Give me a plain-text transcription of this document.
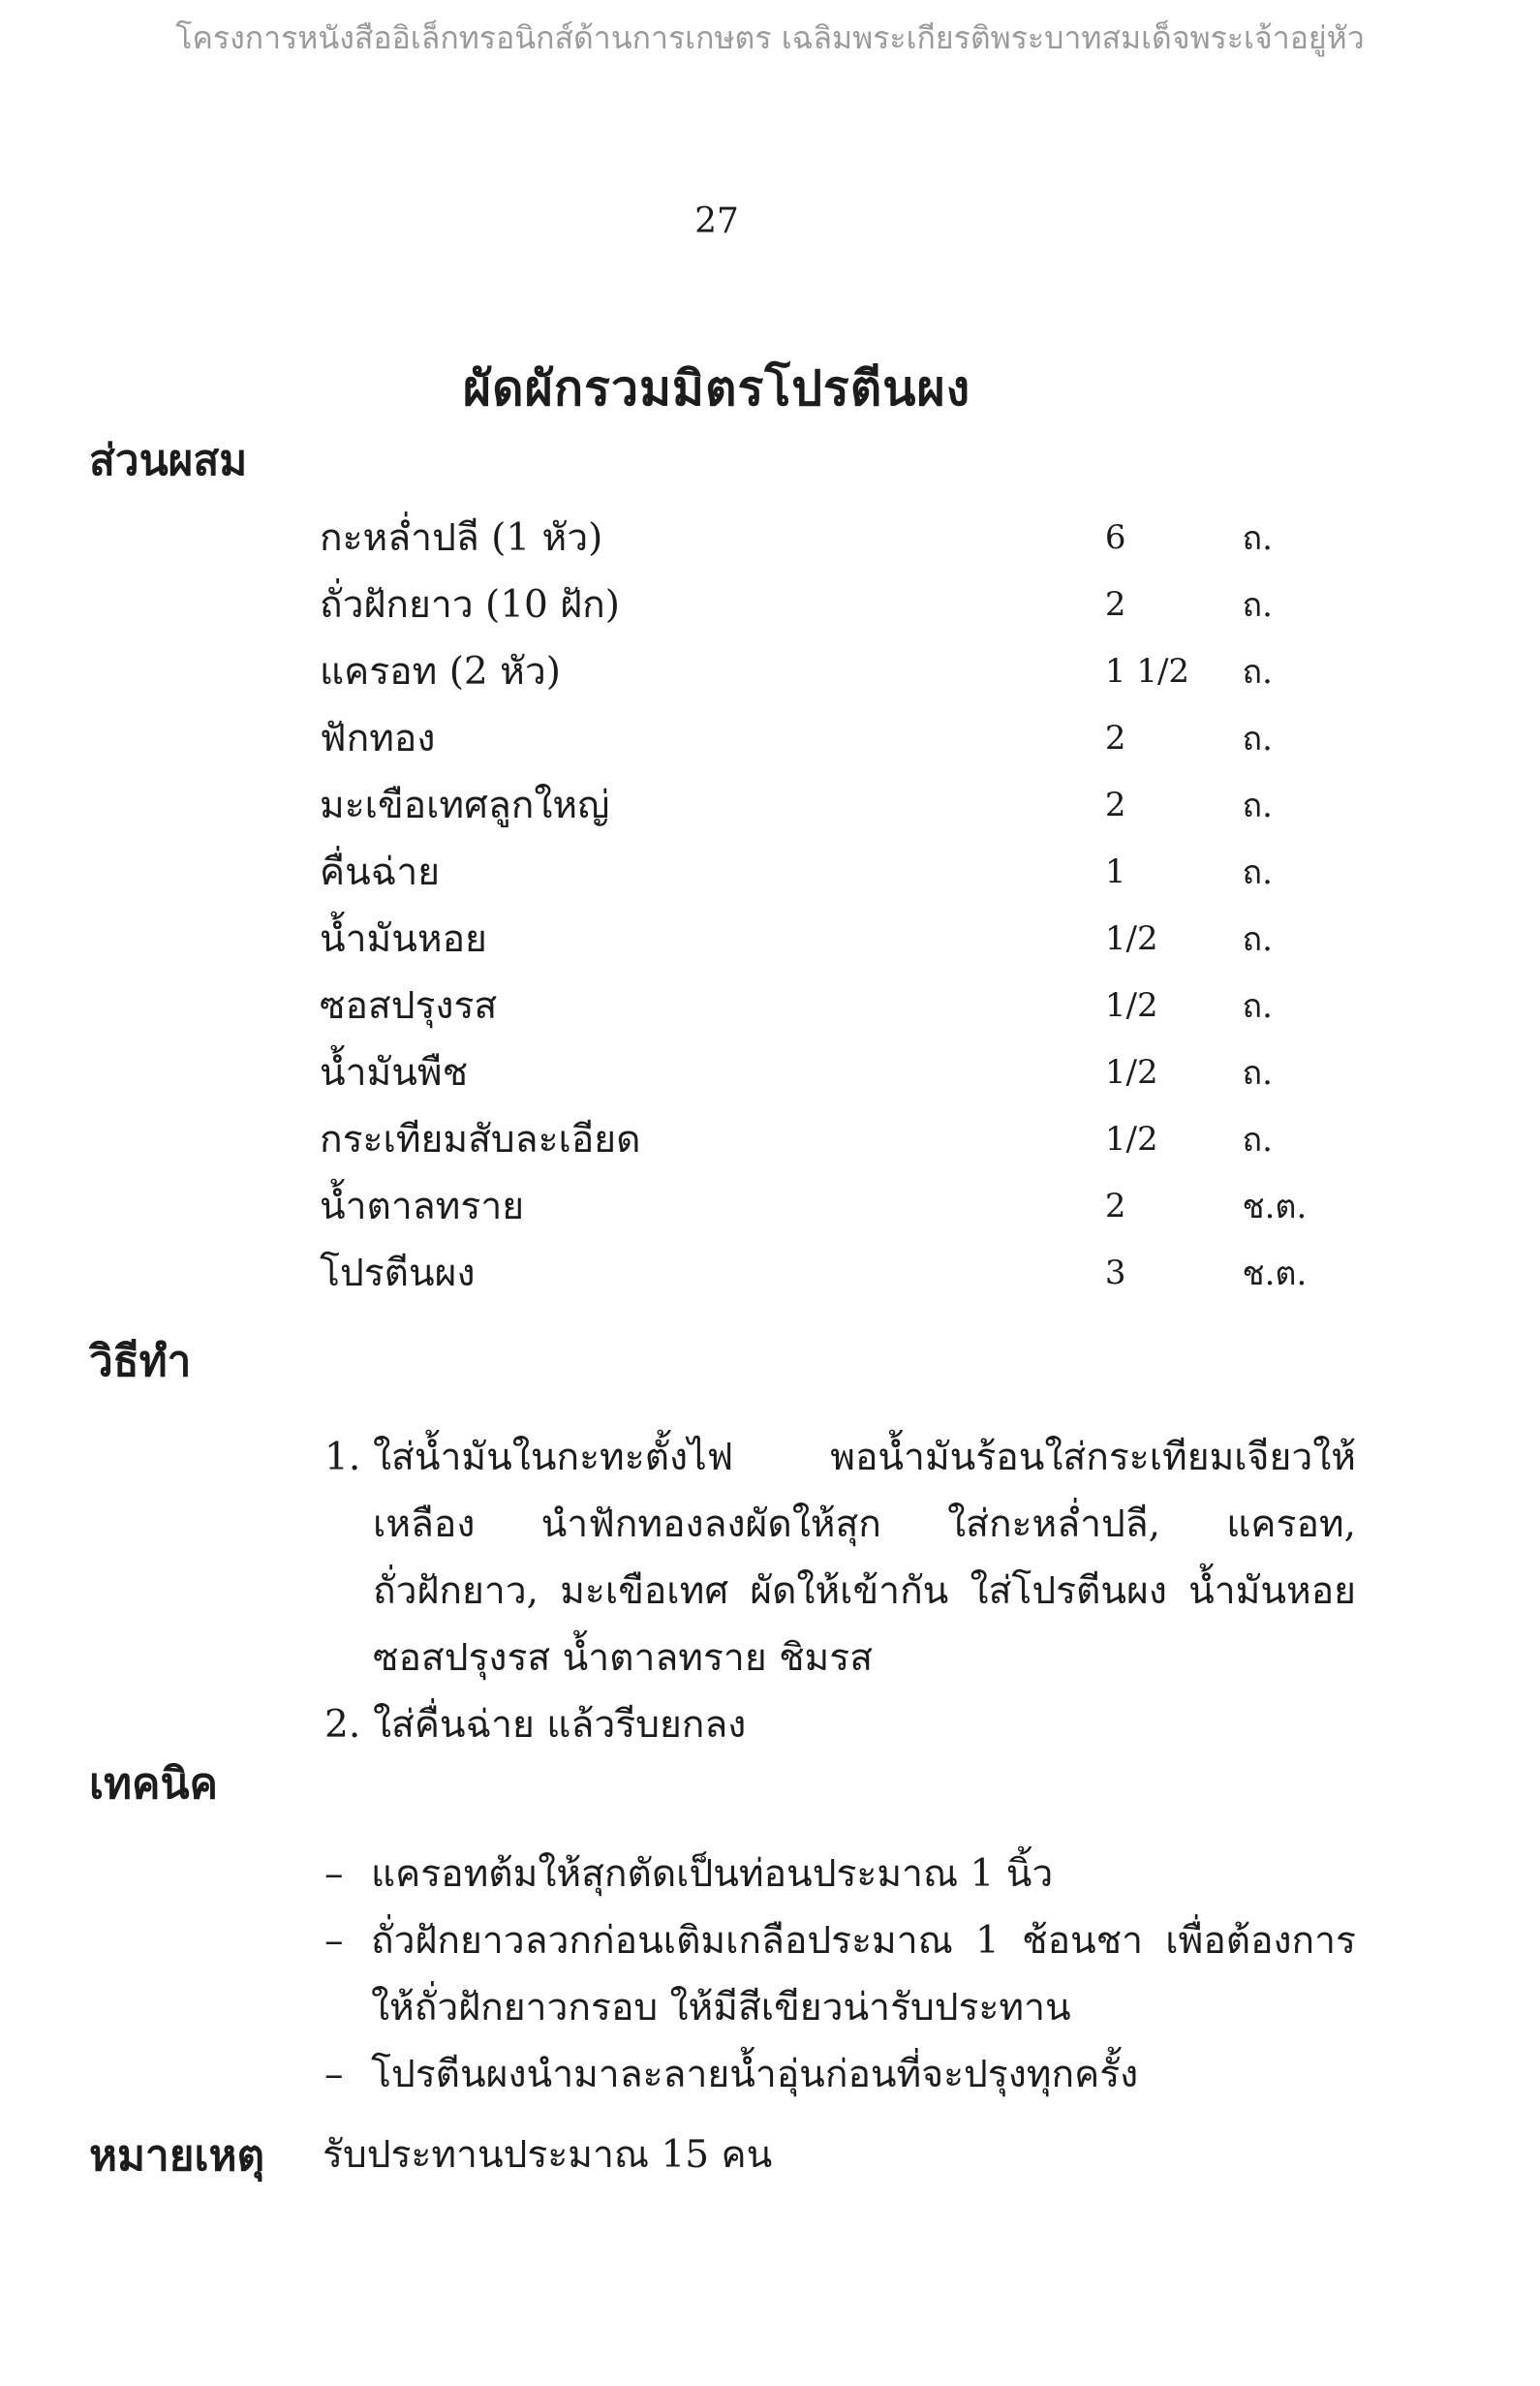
โครงการหนังสืออิเล็กทรอนิกส์ด้านการเกษตร เฉลิมพระเกียรติพระบาทสมเด็จพระเจ้าอยู่หัว
27
ผัดผักรวมมิตรโปรตีนผง
ส่วนผสม
กะหล่ำปลี (1 หัว)	6	ถ.
ถั่วฝักยาว (10 ฝัก)	2	ถ.
แครอท (2 หัว)	1 1/2	ถ.
ฟักทอง	2	ถ.
มะเขือเทศลูกใหญ่	2	ถ.
คื่นฉ่าย	1	ถ.
น้ำมันหอย	1/2	ถ.
ซอสปรุงรส	1/2	ถ.
น้ำมันพืช	1/2	ถ.
กระเทียมสับละเอียด	1/2	ถ.
น้ำตาลทราย	2	ช.ต.
โปรตีนผง	3	ช.ต.
วิธีทำ
1. ใส่น้ำมันในกะทะตั้งไฟ พอน้ำมันร้อนใส่กระเทียมเจียวให้เหลือง นำฟักทองลงผัดให้สุก ใส่กะหล่ำปลี, แครอท, ถั่วฝักยาว, มะเขือเทศ ผัดให้เข้ากัน ใส่โปรตีนผง น้ำมันหอย ซอสปรุงรส น้ำตาลทราย ชิมรส
2. ใส่คื่นฉ่าย แล้วรีบยกลง
เทคนิค
– แครอทต้มให้สุกตัดเป็นท่อนประมาณ 1 นิ้ว
– ถั่วฝักยาวลวกก่อนเติมเกลือประมาณ 1 ช้อนชา เพื่อต้องการให้ถั่วฝักยาวกรอบ ให้มีสีเขียวน่ารับประทาน
– โปรตีนผงนำมาละลายน้ำอุ่นก่อนที่จะปรุงทุกครั้ง
หมายเหตุ รับประทานประมาณ 15 คน
